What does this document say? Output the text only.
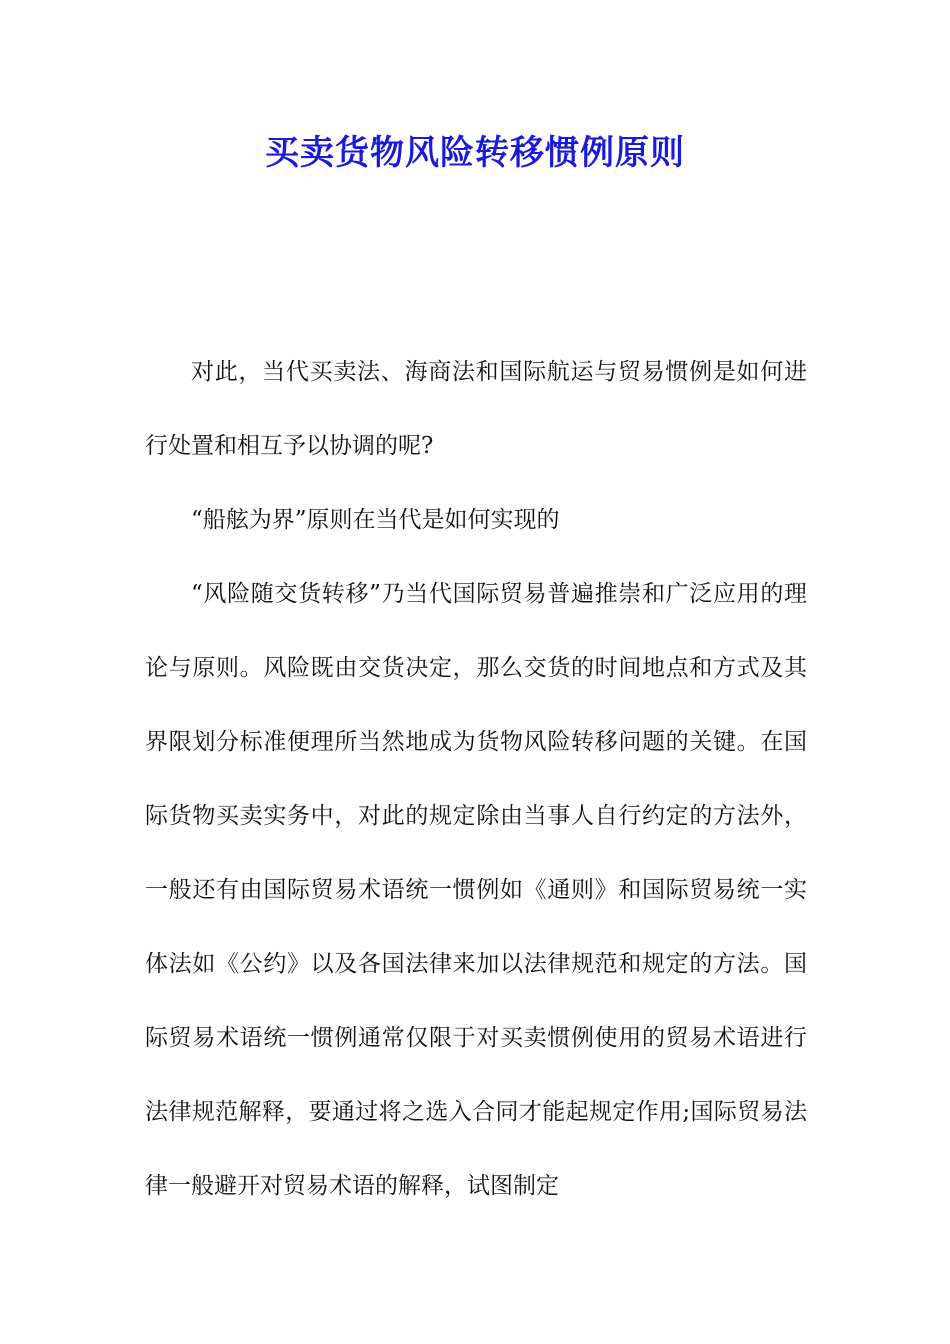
买卖货物风险转移惯例原则

对此，当代买卖法、海商法和国际航运与贸易惯例是如何进行处置和相互予以协调的呢?

“船舷为界”原则在当代是如何实现的

“风险随交货转移”乃当代国际贸易普遍推崇和广泛应用的理论与原则。风险既由交货决定，那么交货的时间地点和方式及其界限划分标准便理所当然地成为货物风险转移问题的关键。在国际货物买卖实务中，对此的规定除由当事人自行约定的方法外，一般还有由国际贸易术语统一惯例如《通则》和国际贸易统一实体法如《公约》以及各国法律来加以法律规范和规定的方法。国际贸易术语统一惯例通常仅限于对买卖惯例使用的贸易术语进行法律规范解释，要通过将之选入合同才能起规定作用;国际贸易法律一般避开对贸易术语的解释，试图制定
